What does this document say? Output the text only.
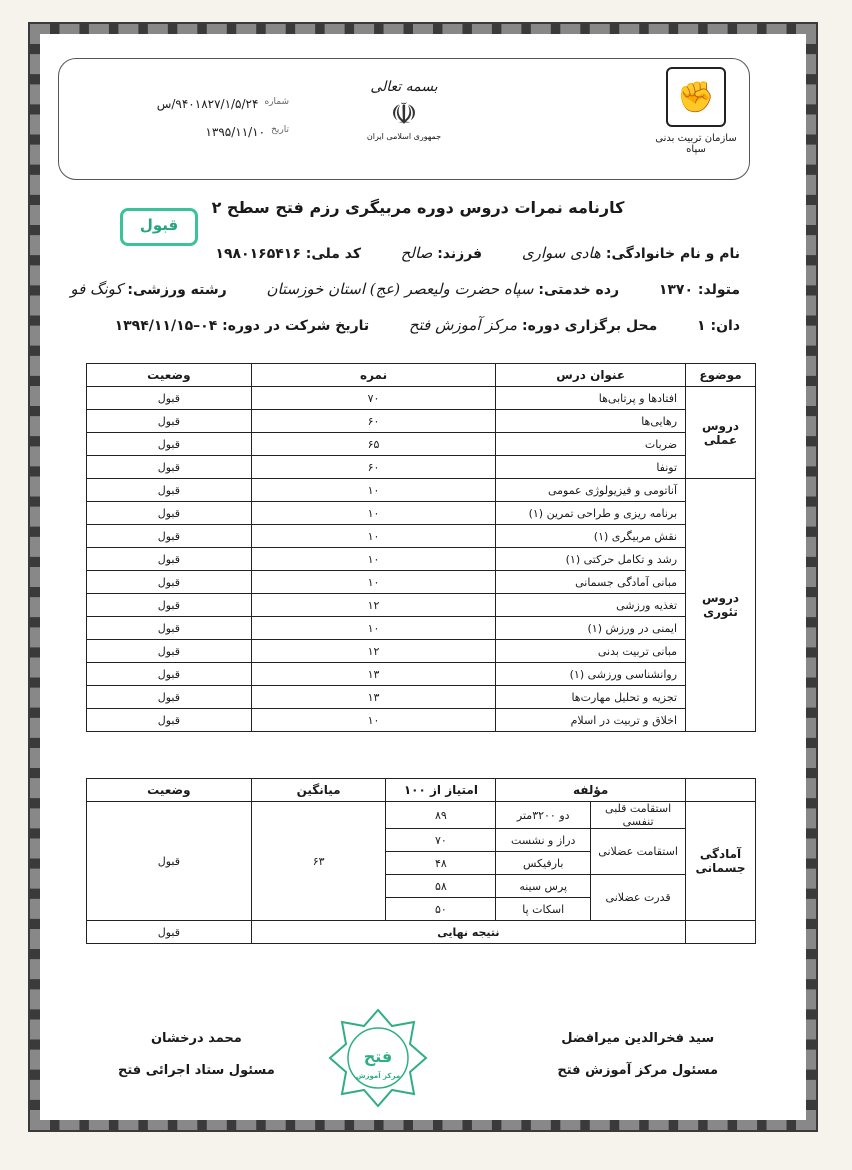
✊
سازمان تربیت بدنی سپاه
بسمه تعالی
☫
جمهوری اسلامی ایران
شماره
۹۴۰۱۸۲۷/۱/۵/۲۴/س
تاریخ
۱۳۹۵/۱۱/۱۰
کارنامه نمرات دروس دوره مربیگری رزم فتح سطح ۲
قبول
نام و نام خانوادگی: هادی سواری  فرزند: صالح  کد ملی: ۱۹۸۰۱۶۵۴۱۶
متولد: ۱۳۷۰  رده خدمتی: سپاه حضرت ولیعصر (عج) استان خوزستان  رشته ورزشی: کونگ فو
دان: ۱  محل برگزاری دوره: مرکز آموزش فتح  تاریخ شرکت در دوره: ۰۴–۱۳۹۴/۱۱/۱۵
موضوع	عنوان درس	نمره	وضعیت
دروس عملی	افتادها و پرتابی‌ها	۷۰	قبول
	رهایی‌ها	۶۰	قبول
	ضربات	۶۵	قبول
	تونفا	۶۰	قبول
دروس تئوری	آناتومی و فیزیولوژی عمومی	۱۰	قبول
	برنامه ریزی و طراحی تمرین (۱)	۱۰	قبول
	نقش مربیگری (۱)	۱۰	قبول
	رشد و تکامل حرکتی (۱)	۱۰	قبول
	مبانی آمادگی جسمانی	۱۰	قبول
	تغذیه ورزشی	۱۲	قبول
	ایمنی در ورزش (۱)	۱۰	قبول
	مبانی تربیت بدنی	۱۲	قبول
	روانشناسی ورزشی (۱)	۱۳	قبول
	تجزیه و تحلیل مهارت‌ها	۱۳	قبول
	اخلاق و تربیت در اسلام	۱۰	قبول
	مؤلفه		امتیاز از ۱۰۰	میانگین	وضعیت
آمادگی جسمانی	استقامت قلبی تنفسی	دو ۳۲۰۰متر	۸۹	۶۳	قبول
	استقامت عضلانی	دراز و نشست	۷۰		
		بارفیکس	۴۸		
	قدرت عضلانی	پرس سینه	۵۸		
		اسکات پا	۵۰		
	نتیجه نهایی				قبول
سید فخرالدین میرافضل
مسئول مرکز آموزش فتح
فتح
مرکز آموزش
محمد درخشان
مسئول ستاد اجرائی فتح
